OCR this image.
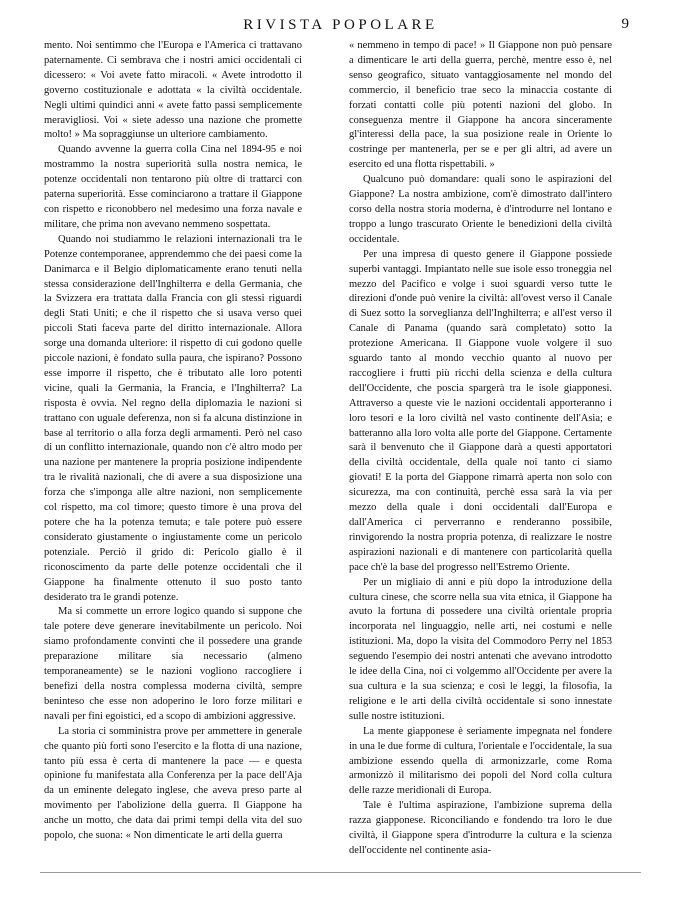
RIVISTA POPOLARE	9

mento. Noi sentimmo che l'Europa e l'America ci trattavano paternamente. Ci sembrava che i nostri amici occidentali ci dicessero: « Voi avete fatto miracoli. « Avete introdotto il governo costituzionale e adottata « la civiltà occidentale. Negli ultimi quindici anni « avete fatto passi semplicemente meravigliosi. Voi « siete adesso una nazione che promette molto! » Ma sopraggiunse un ulteriore cambiamento.

Quando avvenne la guerra colla Cina nel 1894-95 e noi mostrammo la nostra superiorità sulla nostra nemica, le potenze occidentali non tentarono più oltre di trattarci con paterna superiorità. Esse cominciarono a trattare il Giappone con rispetto e riconobbero nel medesimo una forza navale e militare, che prima non avevano nemmeno sospettata.

Quando noi studiammo le relazioni internazionali tra le Potenze contemporanee, apprendemmo che dei paesi come la Danimarca e il Belgio diplomaticamente erano tenuti nella stessa considerazione dell'Inghilterra e della Germania, che la Svizzera era trattata dalla Francia con gli stessi riguardi degli Stati Uniti; e che il rispetto che si usava verso quei piccoli Stati faceva parte del diritto internazionale. Allora sorge una domanda ulteriore: il rispetto di cui godono quelle piccole nazioni, è fondato sulla paura, che ispirano? Possono esse imporre il rispetto, che è tributato alle loro potenti vicine, quali la Germania, la Francia, e l'Inghilterra? La risposta è ovvia. Nel regno della diplomazia le nazioni si trattano con uguale deferenza, non si fa alcuna distinzione in base al territorio o alla forza degli armamenti. Però nel caso di un conflitto internazionale, quando non c'è altro modo per una nazione per mantenere la propria posizione indipendente tra le rivalità nazionali, che di avere a sua disposizione una forza che s'imponga alle altre nazioni, non semplicemente col rispetto, ma col timore; questo timore è una prova del potere che ha la potenza temuta; e tale potere può essere considerato giustamente o ingiustamente come un pericolo potenziale. Perciò il grido di: Pericolo giallo è il riconoscimento da parte delle potenze occidentali che il Giappone ha finalmente ottenuto il suo posto tanto desiderato tra le grandi potenze.

Ma si commette un errore logico quando si suppone che tale potere deve generare inevitabilmente un pericolo. Noi siamo profondamente convinti che il possedere una grande preparazione militare sia necessario (almeno temporaneamente) se le nazioni vogliono raccogliere i benefizi della nostra complessa moderna civiltà, sempre beninteso che esse non adoperino le loro forze militari e navali per fini egoistici, ed a scopo di ambizioni aggressive.

La storia ci somministra prove per ammettere in generale che quanto più forti sono l'esercito e la flotta di una nazione, tanto più essa è certa di mantenere la pace — e questa opinione fu manifestata alla Conferenza per la pace dell'Aja da un eminente delegato inglese, che aveva preso parte al movimento per l'abolizione della guerra. Il Giappone ha anche un motto, che data dai primi tempi della vita del suo popolo, che suona: « Non dimenticate le arti della guerra

« nemmeno in tempo di pace! » Il Giappone non può pensare a dimenticare le arti della guerra, perchè, mentre esso è, nel senso geografico, situato vantaggiosamente nel mondo del commercio, il beneficio trae seco la minaccia costante di forzati contatti colle più potenti nazioni del globo. In conseguenza mentre il Giappone ha ancora sinceramente gl'interessi della pace, la sua posizione reale in Oriente lo costringe per mantenerla, per se e per gli altri, ad avere un esercito ed una flotta rispettabili. »

Qualcuno può domandare: quali sono le aspirazioni del Giappone? La nostra ambizione, com'è dimostrato dall'intero corso della nostra storia moderna, è d'introdurre nel lontano e troppo a lungo trascurato Oriente le benedizioni della civiltà occidentale.

Per una impresa di questo genere il Giappone possiede superbi vantaggi. Impiantato nelle sue isole esso troneggia nel mezzo del Pacifico e volge i suoi sguardi verso tutte le direzioni d'onde può venire la civiltà: all'ovest verso il Canale di Suez sotto la sorveglianza dell'Inghilterra; e all'est verso il Canale di Panama (quando sarà completato) sotto la protezione Americana. Il Giappone vuole volgere il suo sguardo tanto al mondo vecchio quanto al nuovo per raccogliere i frutti più ricchi della scienza e della cultura dell'Occidente, che poscia spargerà tra le isole giapponesi. Attraverso a queste vie le nazioni occidentali apporteranno i loro tesori e la loro civiltà nel vasto continente dell'Asia; e batteranno alla loro volta alle porte del Giappone. Certamente sarà il benvenuto che il Giappone darà a questi apportatori della civiltà occidentale, della quale noi tanto ci siamo giovati! E la porta del Giappone rimarrà aperta non solo con sicurezza, ma con continuità, perchè essa sarà la via per mezzo della quale i doni occidentali dall'Europa e dall'America ci perverranno e renderanno possibile, rinvigorendo la nostra propria potenza, di realizzare le nostre aspirazioni nazionali e di mantenere con particolarità quella pace ch'è la base del progresso nell'Estremo Oriente.

Per un migliaio di anni e più dopo la introduzione della cultura cinese, che scorre nella sua vita etnica, il Giappone ha avuto la fortuna di possedere una civiltà orientale propria incorporata nel linguaggio, nelle arti, nei costumi e nelle istituzioni. Ma, dopo la visita del Commodoro Perry nel 1853 seguendo l'esempio dei nostri antenati che avevano introdotto le idee della Cina, noi ci volgemmo all'Occidente per avere la sua cultura e la sua scienza; e così le leggi, la filosofia, la religione e le arti della civiltà occidentale si sono innestate sulle nostre istituzioni.

La mente giapponese è seriamente impegnata nel fondere in una le due forme di cultura, l'orientale e l'occidentale, la sua ambizione essendo quella di armonizzarle, come Roma armonizzò il militarismo dei popoli del Nord colla cultura delle razze meridionali di Europa.

Tale è l'ultima aspirazione, l'ambizione suprema della razza giapponese. Riconciliando e fondendo tra loro le due civiltà, il Giappone spera d'introdurre la cultura e la scienza dell'occidente nel continente asia-
